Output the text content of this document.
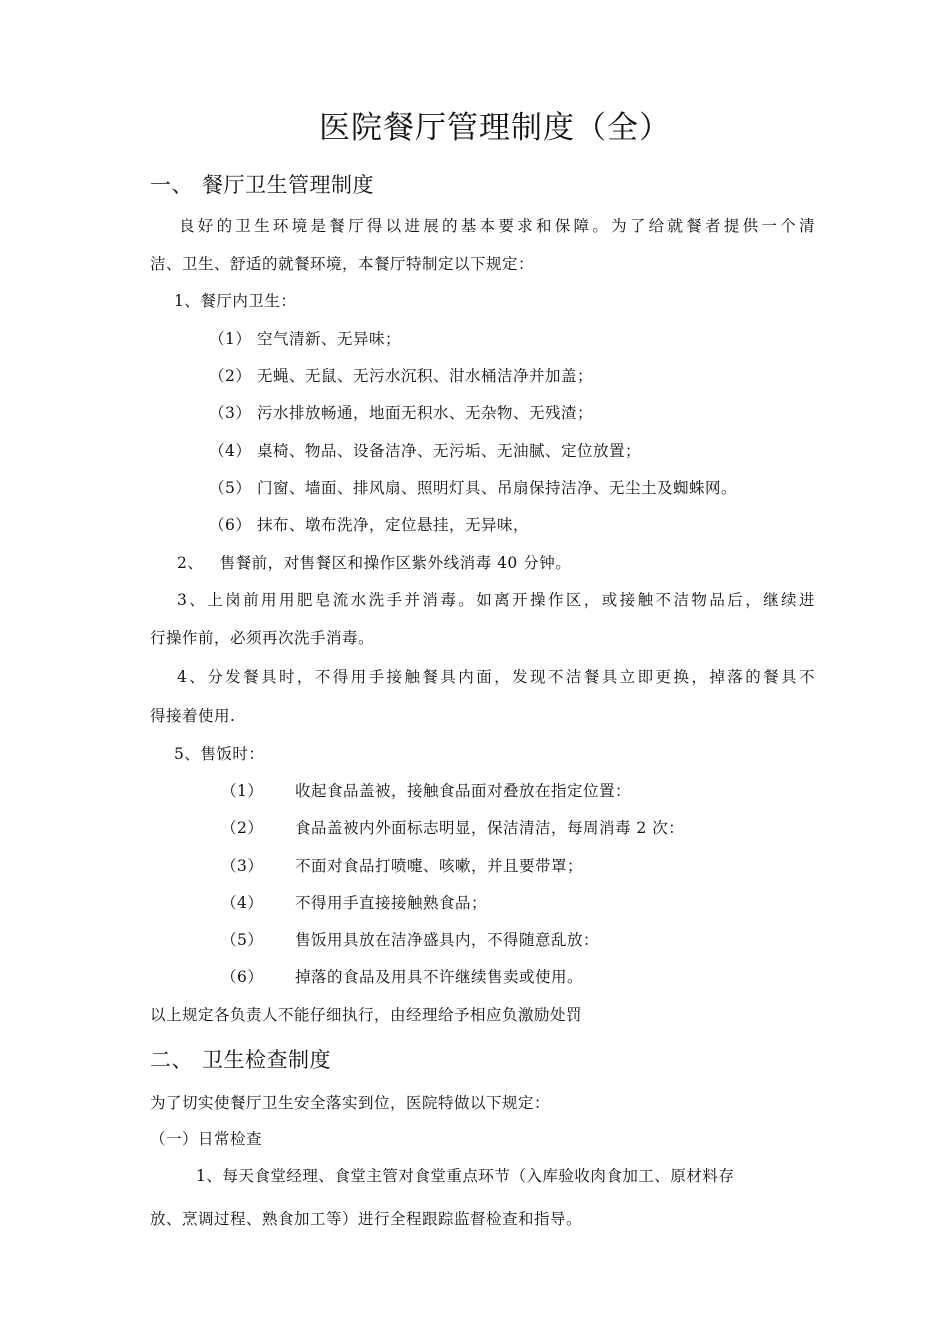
医院餐厅管理制度（全）
一、 餐厅卫生管理制度
良好的卫生环境是餐厅得以进展的基本要求和保障。为了给就餐者提供一个清
洁、卫生、舒适的就餐环境，本餐厅特制定以下规定：
1、餐厅内卫生：
（1） 空气清新、无异味；
（2） 无蝇、无鼠、无污水沉积、泔水桶洁净并加盖；
（3） 污水排放畅通，地面无积水、无杂物、无残渣；
（4） 桌椅、物品、设备洁净、无污垢、无油腻、定位放置；
（5） 门窗、墙面、排风扇、照明灯具、吊扇保持洁净、无尘土及蜘蛛网。
（6） 抹布、墩布洗净，定位悬挂，无异味，
2、   售餐前，对售餐区和操作区紫外线消毒 40 分钟。
3、上岗前用用肥皂流水洗手并消毒。如离开操作区，或接触不洁物品后，继续进
行操作前，必须再次洗手消毒。
4、分发餐具时，不得用手接触餐具内面，发现不洁餐具立即更换，掉落的餐具不
得接着使用.
5、售饭时：
（1） 收起食品盖被，接触食品面对叠放在指定位置：
（2） 食品盖被内外面标志明显，保洁清洁，每周消毒 2 次：
（3） 不面对食品打喷嚏、咳嗽，并且要带罩；
（4） 不得用手直接接触熟食品；
（5） 售饭用具放在洁净盛具内，不得随意乱放：
（6） 掉落的食品及用具不许继续售卖或使用。
以上规定各负责人不能仔细执行，由经理给予相应负激励处罚
二、 卫生检查制度
为了切实使餐厅卫生安全落实到位，医院特做以下规定：
（一）日常检查
1、每天食堂经理、食堂主管对食堂重点环节（入库验收肉食加工、原材料存
放、烹调过程、熟食加工等）进行全程跟踪监督检查和指导。
